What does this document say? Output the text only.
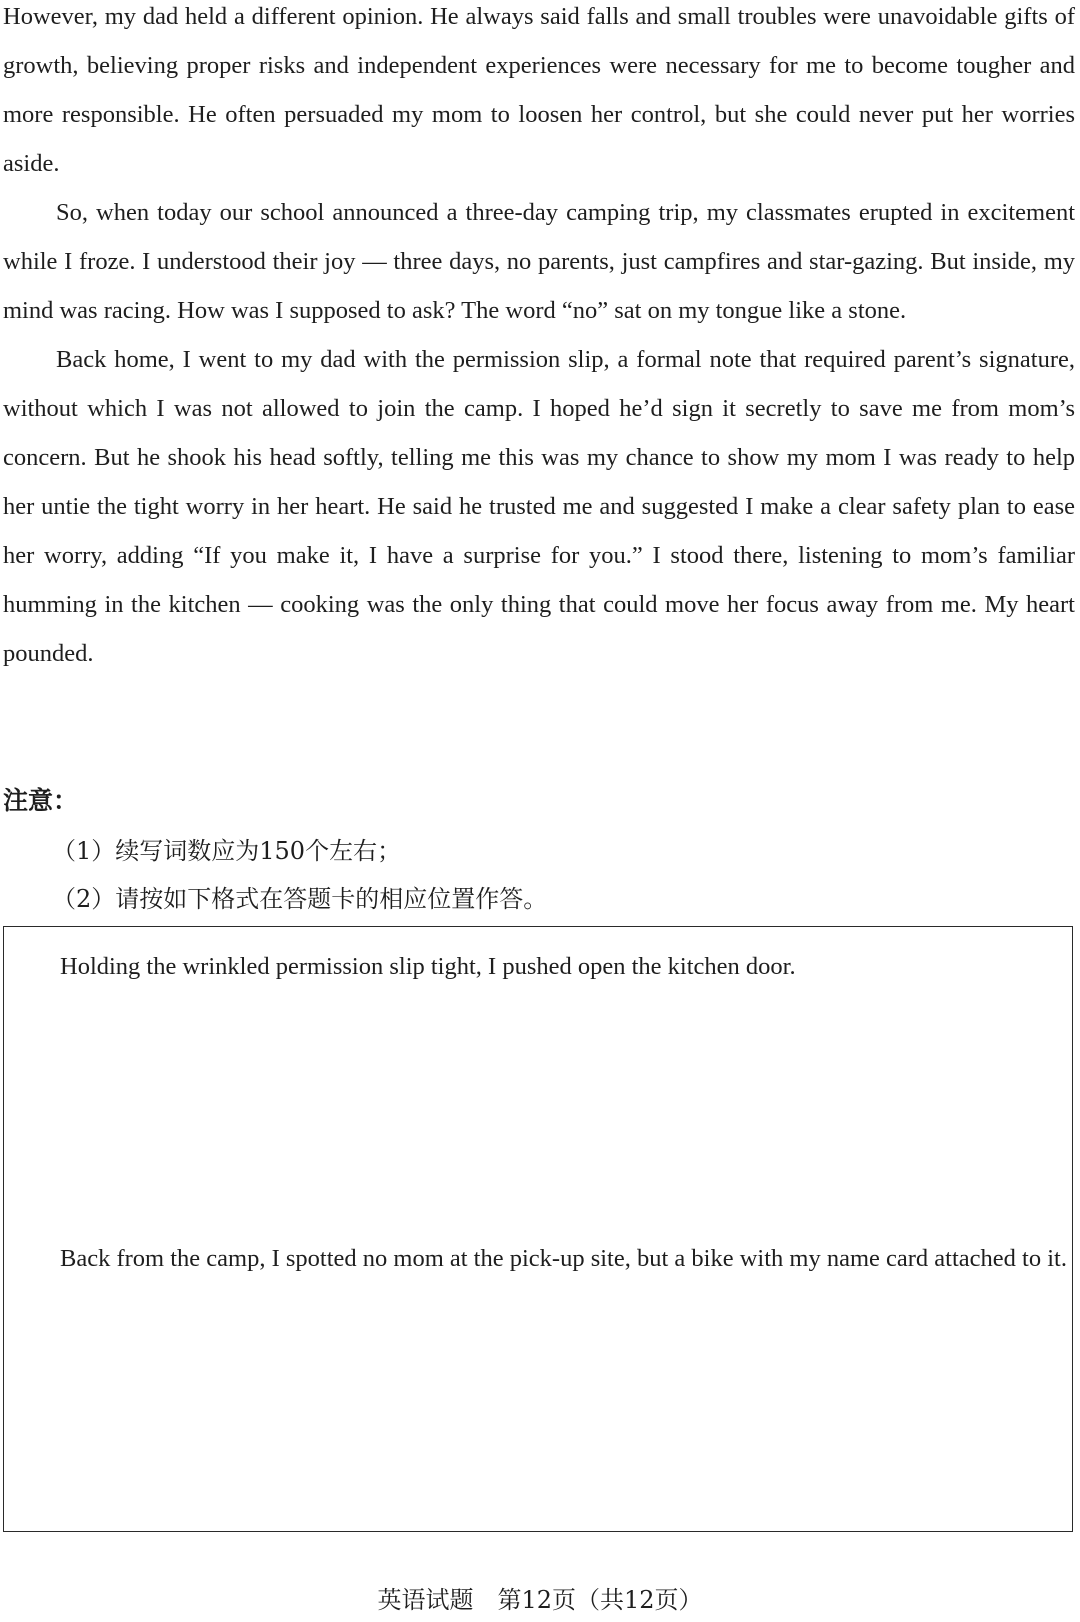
However, my dad held a different opinion. He always said falls and small troubles were unavoidable gifts of growth, believing proper risks and independent experiences were necessary for me to become tougher and more responsible. He often persuaded my mom to loosen her control, but she could never put her worries aside.

So, when today our school announced a three-day camping trip, my classmates erupted in excitement while I froze. I understood their joy — three days, no parents, just campfires and star-gazing. But inside, my mind was racing. How was I supposed to ask? The word “no” sat on my tongue like a stone.

Back home, I went to my dad with the permission slip, a formal note that required parent’s signature, without which I was not allowed to join the camp. I hoped he’d sign it secretly to save me from mom’s concern. But he shook his head softly, telling me this was my chance to show my mom I was ready to help her untie the tight worry in her heart. He said he trusted me and suggested I make a clear safety plan to ease her worry, adding “If you make it, I have a surprise for you.” I stood there, listening to mom’s familiar humming in the kitchen — cooking was the only thing that could move her focus away from me. My heart pounded.

注意：

（1）续写词数应为150个左右；
（2）请按如下格式在答题卡的相应位置作答。

Holding the wrinkled permission slip tight, I pushed open the kitchen door.

Back from the camp, I spotted no mom at the pick-up site, but a bike with my name card attached to it.

英语试题　第12页（共12页）
